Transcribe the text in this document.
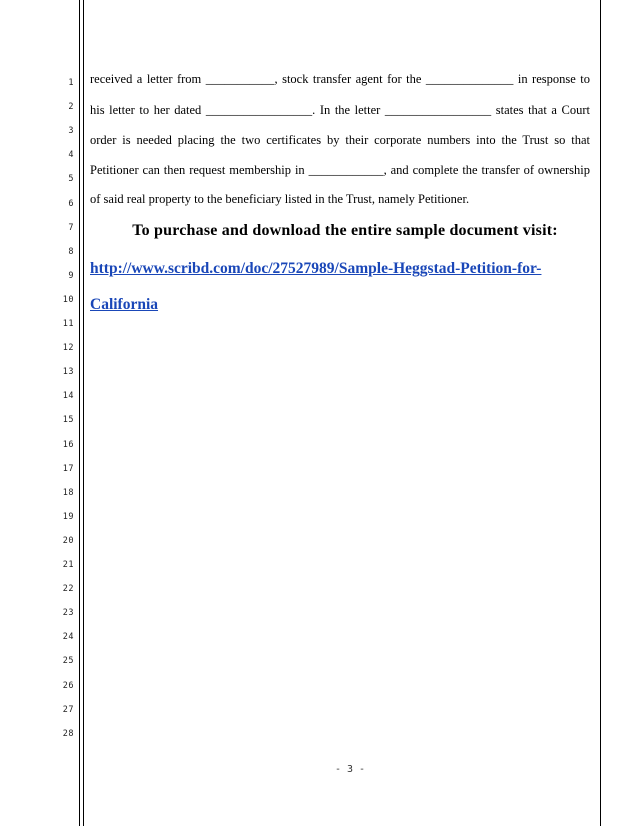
1
2
3
4
5
6
7
8
9
10
11
12
13
14
15
16
17
18
19
20
21
22
23
24
25
26
27
28
received a letter from ___________, stock transfer agent for the ______________ in response to
his letter to her dated _________________. In the letter _________________ states that a Court
order is needed placing the two certificates by their corporate numbers into the Trust so that
Petitioner can then request membership in ____________, and complete the transfer of ownership
of said real property to the beneficiary listed in the Trust, namely Petitioner.
To purchase and download the entire sample document visit:
http://www.scribd.com/doc/27527989/Sample-Heggstad-Petition-for-
California
- 3 -
